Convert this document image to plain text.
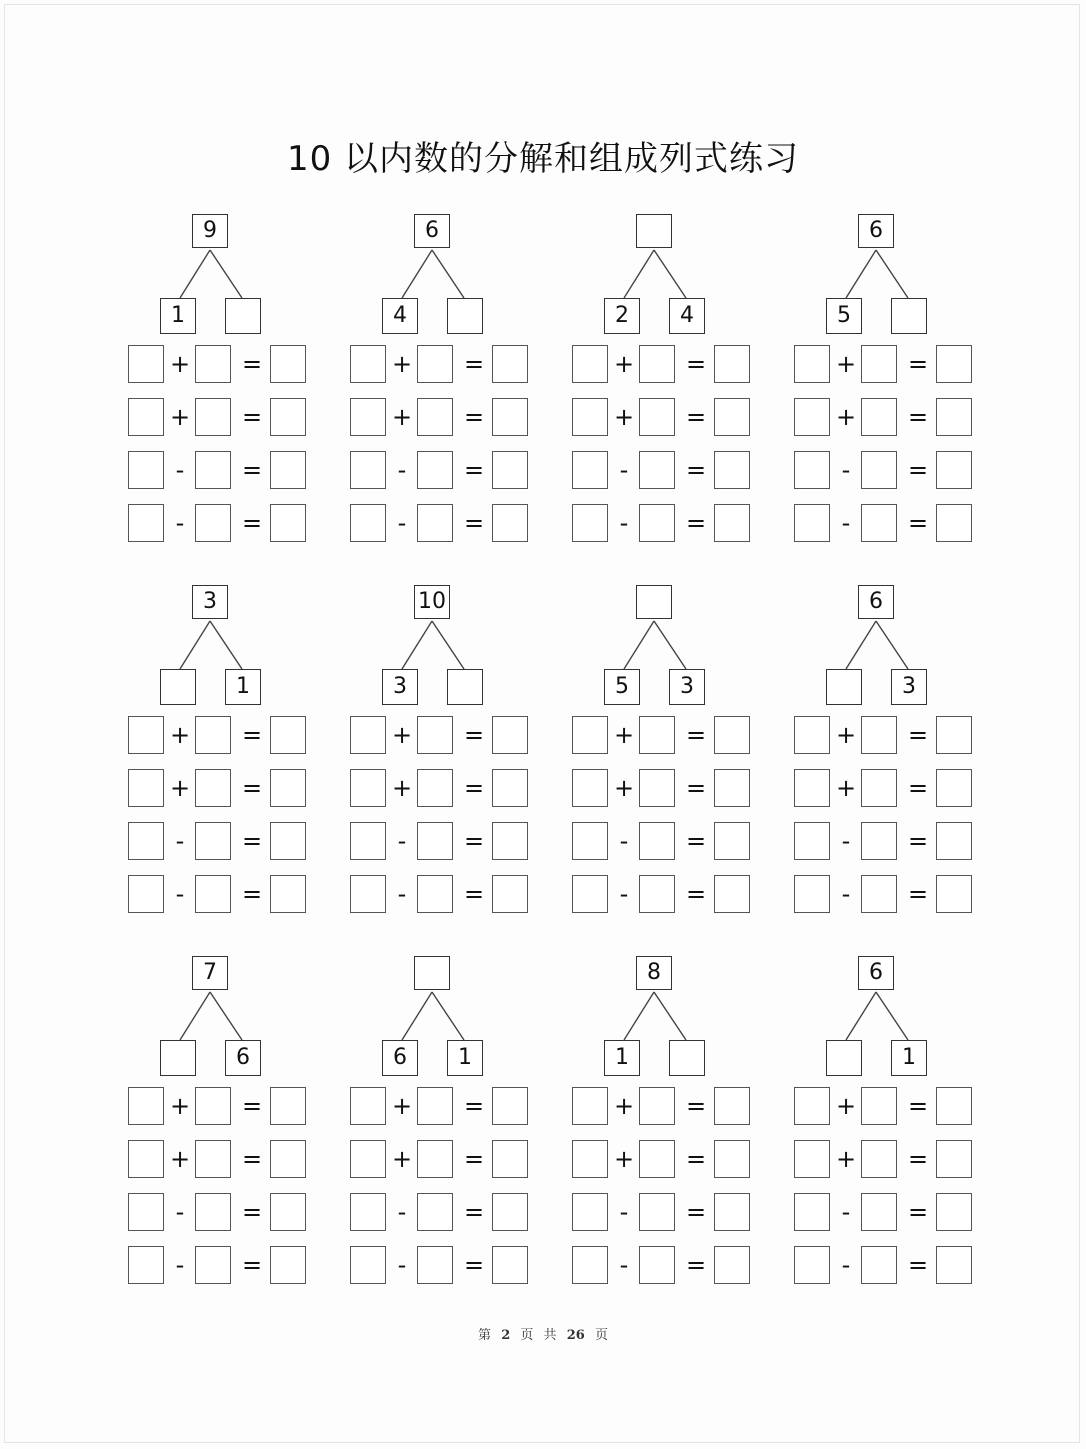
10 以内数的分解和组成列式练习
9
1
+ =
+ =
-	=
-	=
6
4
+ =
+ =
-	=
-	=
2	4
+ =
+ =
-	=
-	=
6
5
+ =
+ =
-	=
-	=
3
1
+ =
+ =
-	=
-	=
10
3
+ =
+ =
-	=
-	=
5	3
+ =
+ =
-	=
-	=
6
3
+ =
+ =
-	=
-	=
7
6
+ =
+ =
-	=
-	=
6	1
+ =
+ =
-	=
-	=
8
1
+ =
+ =
-	=
-	=
6
1
+ =
+ =
-	=
-	=
第 2 页 共 26 页
